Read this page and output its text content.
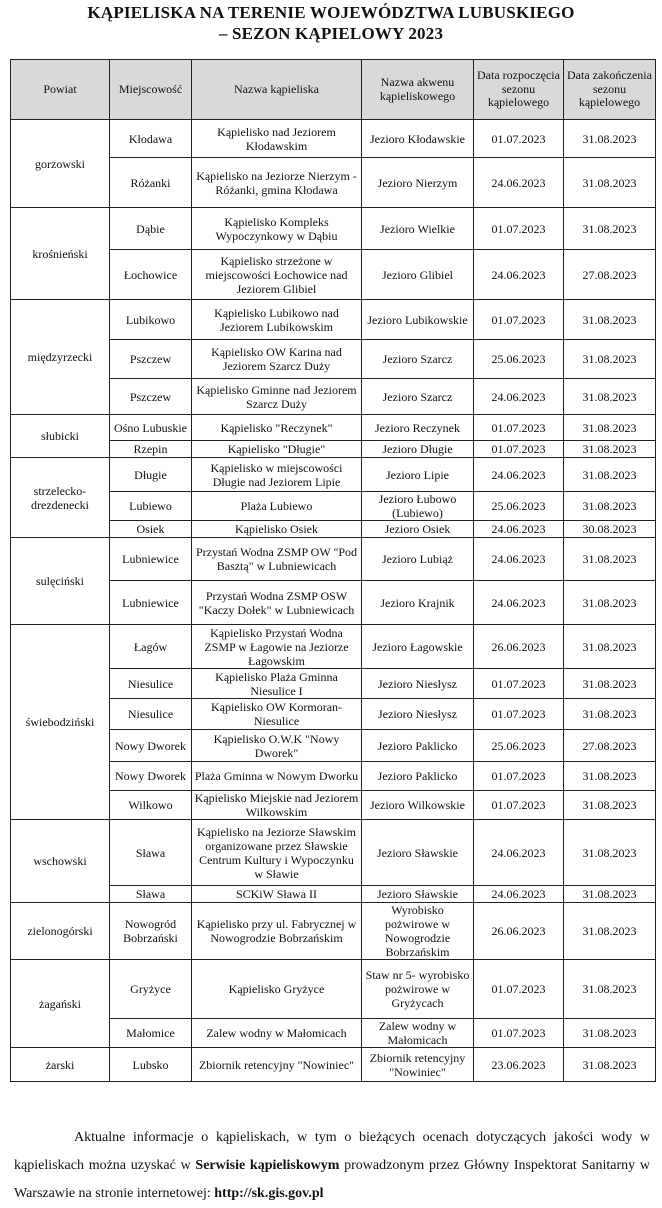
KĄPIELISKA NA TERENIE WOJEWÓDZTWA LUBUSKIEGO
– SEZON KĄPIELOWY 2023
Powiat	Miejscowość	Nazwa kąpieliska	Nazwa akwenu kąpieliskowego	Data rozpoczęcia sezonu kąpielowego	Data zakończenia sezonu kąpielowego
gorzowski	Kłodawa	Kąpielisko nad Jeziorem Kłodawskim	Jezioro Kłodawskie	01.07.2023	31.08.2023
	Różanki	Kąpielisko na Jeziorze Nierzym - Różanki, gmina Kłodawa	Jezioro Nierzym	24.06.2023	31.08.2023
krośnieński	Dąbie	Kąpielisko Kompleks Wypoczynkowy w Dąbiu	Jezioro Wielkie	01.07.2023	31.08.2023
	Łochowice	Kąpielisko strzeżone w miejscowości Łochowice nad Jeziorem Glibiel	Jezioro Glibiel	24.06.2023	27.08.2023
międzyrzecki	Lubikowo	Kąpielisko Lubikowo nad Jeziorem Lubikowskim	Jezioro Lubikowskie	01.07.2023	31.08.2023
	Pszczew	Kąpielisko OW Karina nad Jeziorem Szarcz Duży	Jezioro Szarcz	25.06.2023	31.08.2023
	Pszczew	Kąpielisko Gminne nad Jeziorem Szarcz Duży	Jezioro Szarcz	24.06.2023	31.08.2023
słubicki	Ośno Lubuskie	Kąpielisko "Reczynek"	Jezioro Reczynek	01.07.2023	31.08.2023
	Rzepin	Kąpielisko "Długie"	Jezioro Długie	01.07.2023	31.08.2023
strzelecko-drezdenecki	Długie	Kąpielisko w miejscowości Długie nad Jeziorem Lipie	Jezioro Lipie	24.06.2023	31.08.2023
	Lubiewo	Plaża Lubiewo	Jezioro Łubowo (Lubiewo)	25.06.2023	31.08.2023
	Osiek	Kąpielisko Osiek	Jezioro Osiek	24.06.2023	30.08.2023
sulęciński	Lubniewice	Przystań Wodna ZSMP OW "Pod Basztą" w Lubniewicach	Jezioro Lubiąż	24.06.2023	31.08.2023
	Lubniewice	Przystań Wodna ZSMP OSW "Kaczy Dołek" w Lubniewicach	Jezioro Krajnik	24.06.2023	31.08.2023
świebodziński	Łagów	Kąpielisko Przystań Wodna ZSMP w Łagowie na Jeziorze Łagowskim	Jezioro Łagowskie	26.06.2023	31.08.2023
	Niesulice	Kąpielisko Plaża Gminna Niesulice I	Jezioro Niesłysz	01.07.2023	31.08.2023
	Niesulice	Kąpielisko OW Kormoran-Niesulice	Jezioro Niesłysz	01.07.2023	31.08.2023
	Nowy Dworek	Kąpielisko O.W.K "Nowy Dworek"	Jezioro Paklicko	25.06.2023	27.08.2023
	Nowy Dworek	Plaża Gminna w Nowym Dworku	Jezioro Paklicko	01.07.2023	31.08.2023
	Wilkowo	Kąpielisko Miejskie nad Jeziorem Wilkowskim	Jezioro Wilkowskie	01.07.2023	31.08.2023
wschowski	Sława	Kąpielisko na Jeziorze Sławskim organizowane przez Sławskie Centrum Kultury i Wypoczynku w Sławie	Jezioro Sławskie	24.06.2023	31.08.2023
	Sława	SCKiW Sława II	Jezioro Sławskie	24.06.2023	31.08.2023
zielonogórski	Nowogród Bobrzański	Kąpielisko przy ul. Fabrycznej w Nowogrodzie Bobrzańskim	Wyrobisko pożwirowe w Nowogrodzie Bobrzańskim	26.06.2023	31.08.2023
żagański	Gryżyce	Kąpielisko Gryżyce	Staw nr 5- wyrobisko pożwirowe w Gryżycach	01.07.2023	31.08.2023
	Małomice	Zalew wodny w Małomicach	Zalew wodny w Małomicach	01.07.2023	31.08.2023
żarski	Lubsko	Zbiornik retencyjny "Nowiniec"	Zbiornik retencyjny "Nowiniec"	23.06.2023	31.08.2023
Aktualne informacje o kąpieliskach, w tym o bieżących ocenach dotyczących jakości wody w kąpieliskach można uzyskać w Serwisie kąpieliskowym prowadzonym przez Główny Inspektorat Sanitarny w Warszawie na stronie internetowej: http://sk.gis.gov.pl
